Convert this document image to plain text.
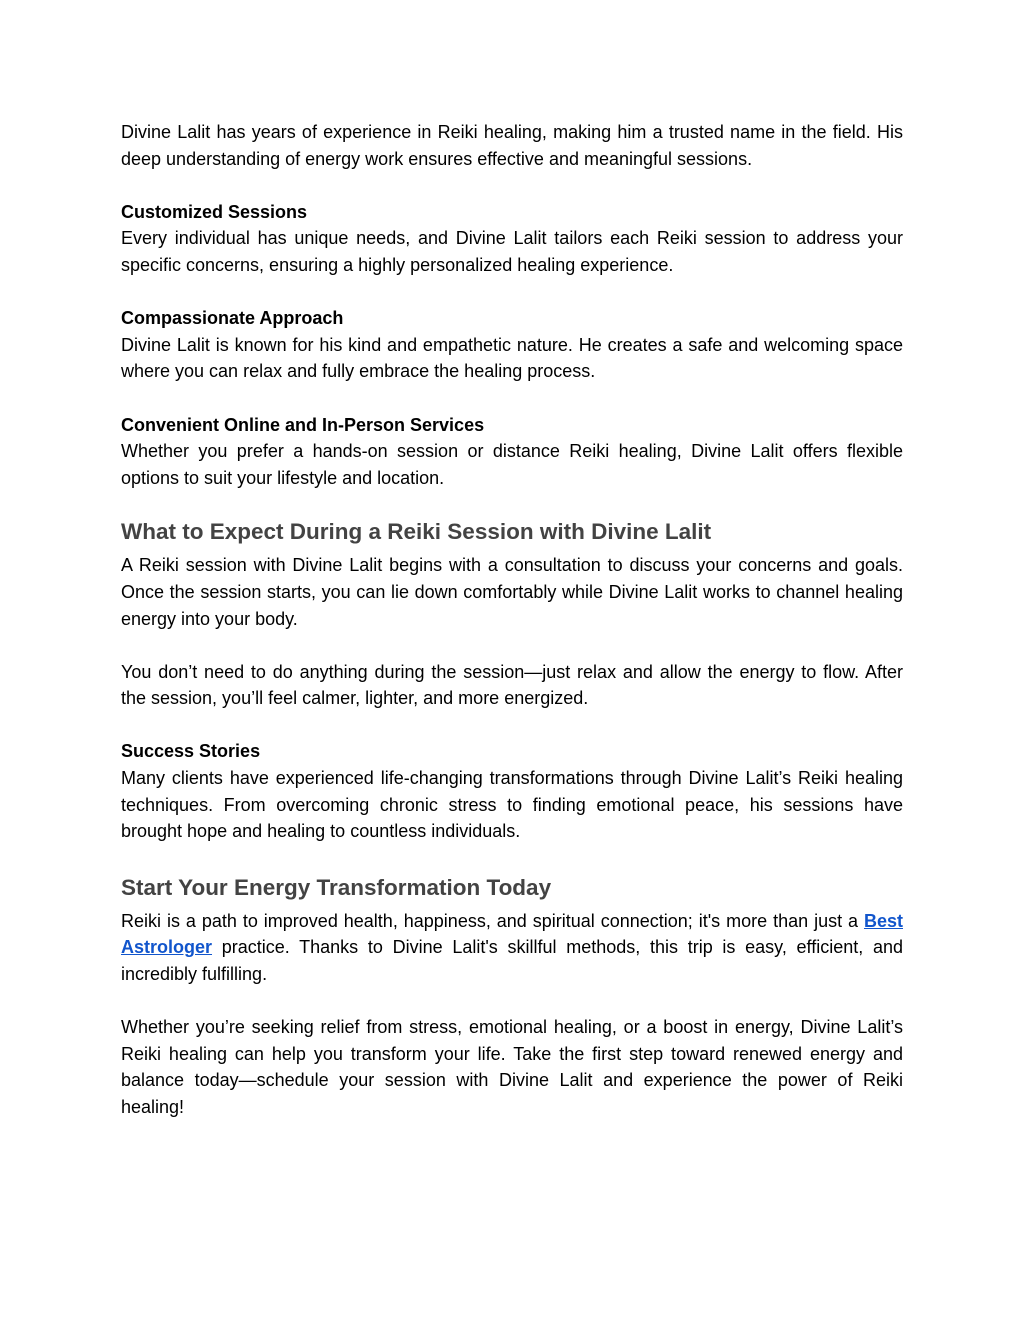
Divine Lalit has years of experience in Reiki healing, making him a trusted name in the field. His deep understanding of energy work ensures effective and meaningful sessions.

Customized Sessions

Every individual has unique needs, and Divine Lalit tailors each Reiki session to address your specific concerns, ensuring a highly personalized healing experience.

Compassionate Approach

Divine Lalit is known for his kind and empathetic nature. He creates a safe and welcoming space where you can relax and fully embrace the healing process.

Convenient Online and In-Person Services

Whether you prefer a hands-on session or distance Reiki healing, Divine Lalit offers flexible options to suit your lifestyle and location.

What to Expect During a Reiki Session with Divine Lalit

A Reiki session with Divine Lalit begins with a consultation to discuss your concerns and goals. Once the session starts, you can lie down comfortably while Divine Lalit works to channel healing energy into your body.

You don’t need to do anything during the session—just relax and allow the energy to flow. After the session, you’ll feel calmer, lighter, and more energized.

Success Stories

Many clients have experienced life-changing transformations through Divine Lalit’s Reiki healing techniques. From overcoming chronic stress to finding emotional peace, his sessions have brought hope and healing to countless individuals.

Start Your Energy Transformation Today

Reiki is a path to improved health, happiness, and spiritual connection; it's more than just a Best Astrologer practice. Thanks to Divine Lalit's skillful methods, this trip is easy, efficient, and incredibly fulfilling.

Whether you’re seeking relief from stress, emotional healing, or a boost in energy, Divine Lalit’s Reiki healing can help you transform your life. Take the first step toward renewed energy and balance today—schedule your session with Divine Lalit and experience the power of Reiki healing!
